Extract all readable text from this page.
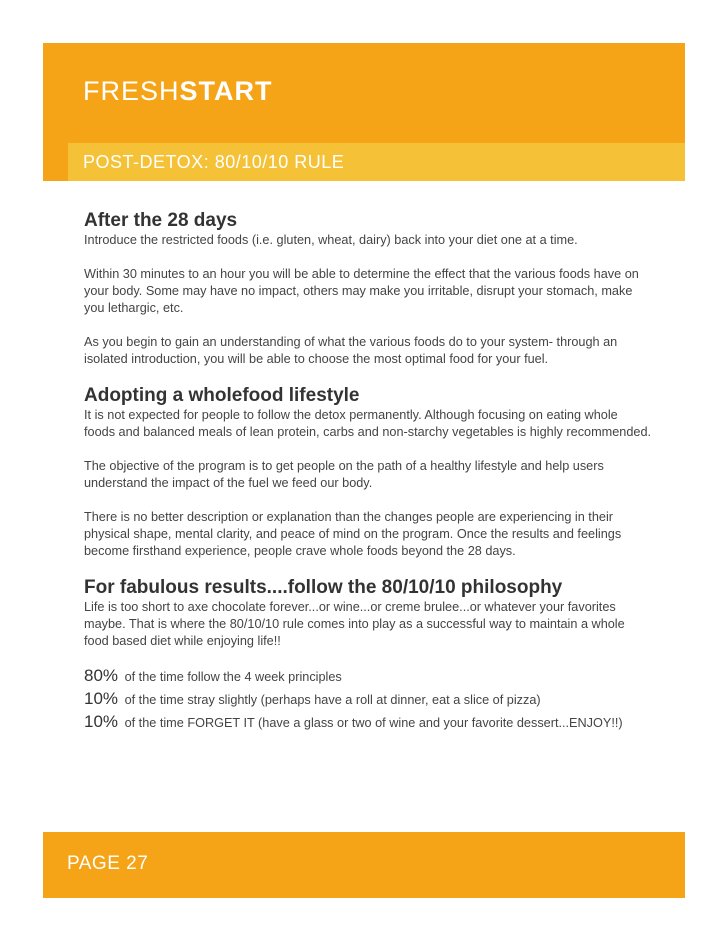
FRESHSTART
POST-DETOX: 80/10/10 RULE
After the 28 days

Introduce the restricted foods (i.e. gluten, wheat, dairy) back into your diet one at a time.

Within 30 minutes to an hour you will be able to determine the effect that the various foods have on your body. Some may have no impact, others may make you irritable, disrupt your stomach, make you lethargic, etc.

As you begin to gain an understanding of what the various foods do to your system- through an isolated introduction, you will be able to choose the most optimal food for your fuel.

Adopting a wholefood lifestyle

It is not expected for people to follow the detox permanently. Although focusing on eating whole foods and balanced meals of lean protein, carbs and non-starchy vegetables is highly recommended.

The objective of the program is to get people on the path of a healthy lifestyle and help users understand the impact of the fuel we feed our body.

There is no better description or explanation than the changes people are experiencing in their physical shape, mental clarity, and peace of mind on the program. Once the results and feelings become firsthand experience, people crave whole foods beyond the 28 days.

For fabulous results....follow the 80/10/10 philosophy

Life is too short to axe chocolate forever...or wine...or creme brulee...or whatever your favorites maybe. That is where the 80/10/10 rule comes into play as a successful way to maintain a whole food based diet while enjoying life!!

80% of the time follow the 4 week principles

10% of the time stray slightly (perhaps have a roll at dinner, eat a slice of pizza)

10% of the time FORGET IT (have a glass or two of wine and your favorite dessert...ENJOY!!)

PAGE 27
